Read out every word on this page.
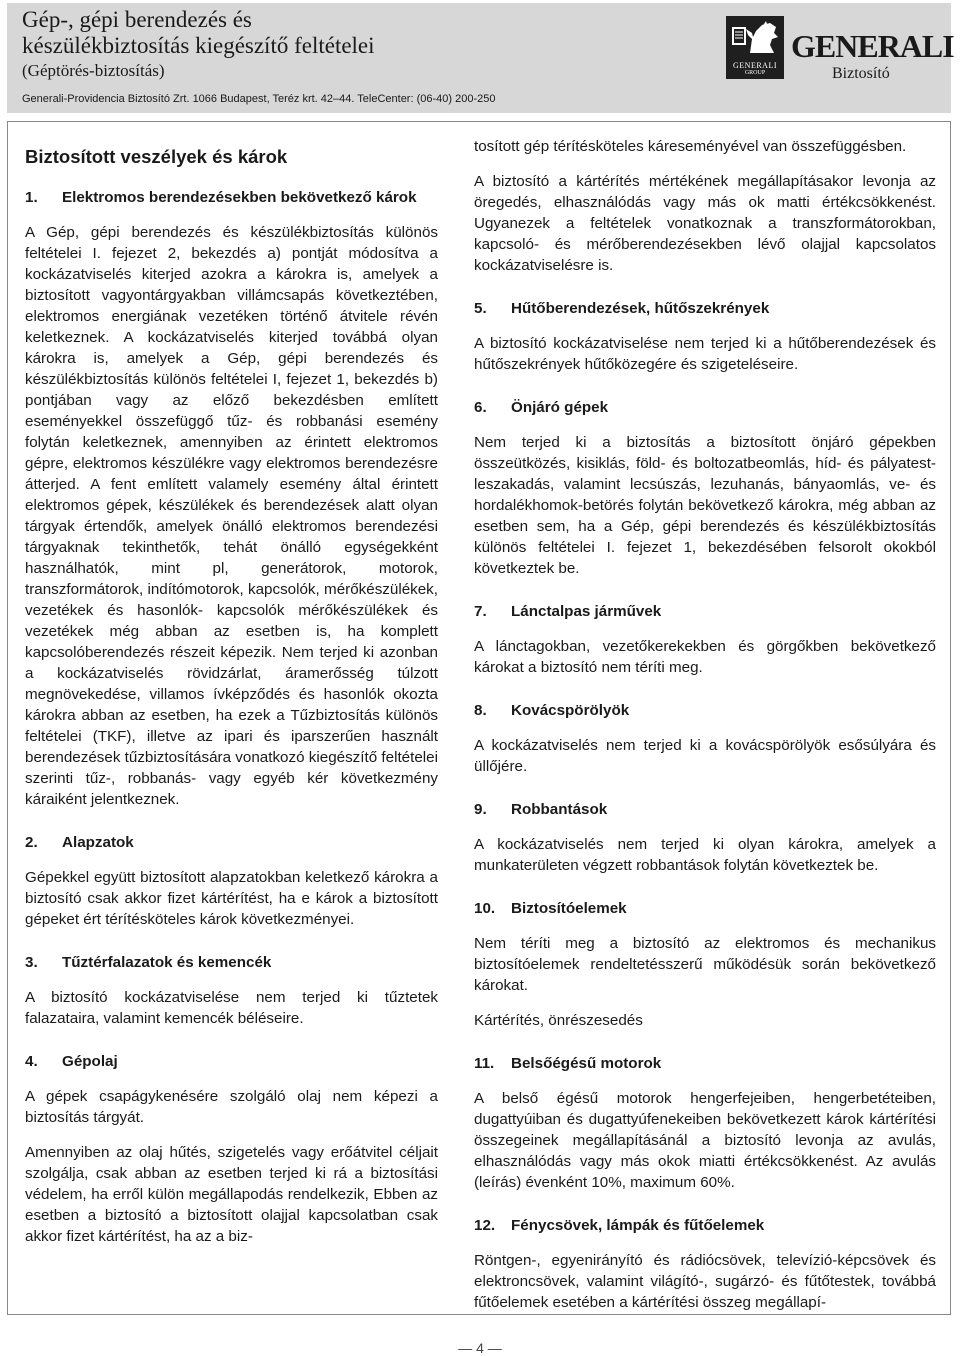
Gép-, gépi berendezés és
készülékbiztosítás kiegészítő feltételei
(Géptörés-biztosítás)
Generali-Providencia Biztosító Zrt. 1066 Budapest, Teréz krt. 42–44. TeleCenter: (06-40) 200-250
GENERALI
GROUP
GENERALI
Biztosító
Biztosított veszélyek és károk
1.	Elektromos berendezésekben bekövetkező károk

A Gép, gépi berendezés és készülékbiztosítás különös feltételei I. fejezet 2, bekezdés a) pontját módosítva a kockázatviselés kiterjed azokra a károkra is, amelyek a biztosított vagyontárgyakban villámcsapás következtében, elektromos energiának vezetéken történő átvitele révén keletkeznek. A kockázatviselés kiterjed továbbá olyan károkra is, amelyek a Gép, gépi berendezés és készülékbiztosítás különös feltételei I, fejezet 1, bekezdés b) pontjában vagy az előző bekezdésben említett eseményekkel összefüggő tűz- és robbanási esemény folytán keletkeznek, amennyiben az érintett elektromos gépre, elektromos készülékre vagy elektromos berendezésre átterjed. A fent említett valamely esemény által érintett elektromos gépek, készülékek és berendezések alatt olyan tárgyak értendők, amelyek önálló elektromos berendezési tárgyaknak tekinthetők, tehát önálló egységekként használhatók, mint pl, generátorok, motorok, transzformátorok, indítómotorok, kapcsolók, mérőkészülékek, vezetékek és hasonlók- kapcsolók mérőkészülékek és vezetékek még abban az esetben is, ha komplett kapcsolóberendezés részeit képezik. Nem terjed ki azonban a kockázatviselés rövidzárlat, áramerősség túlzott megnövekedése, villamos ívképződés és hasonlók okozta károkra abban az esetben, ha ezek a Tűzbiztosítás különös feltételei (TKF), illetve az ipari és iparszerűen használt berendezések tűzbiztosítására vonatkozó kiegészítő feltételei szerinti tűz-, robbanás- vagy egyéb kér következmény káraiként jelentkeznek.

2.	Alapzatok

Gépekkel együtt biztosított alapzatokban keletkező károkra a biztosító csak akkor fizet kártérítést, ha e károk a biztosított gépeket ért térítésköteles károk következményei.

3.	Tűztérfalazatok és kemencék

A biztosító kockázatviselése nem terjed ki tűztetek falazataira, valamint kemencék béléseire.

4.	Gépolaj

A gépek csapágykenésére szolgáló olaj nem képezi a biztosítás tárgyát.

Amennyiben az olaj hűtés, szigetelés vagy erőátvitel céljait szolgálja, csak abban az esetben terjed ki rá a biztosítási védelem, ha erről külön megállapodás rendelkezik, Ebben az esetben a biztosító a biztosított olajjal kapcsolatban csak akkor fizet kártérítést, ha az a biz-

tosított gép térítésköteles káreseményével van összefüggésben.

A biztosító a kártérítés mértékének megállapításakor levonja az öregedés, elhasználódás vagy más ok matti értékcsökkenést. Ugyanezek a feltételek vonatkoznak a transzformátorokban, kapcsoló- és mérőberendezésekben lévő olajjal kapcsolatos kockázatviselésre is.

5.	Hűtőberendezések, hűtőszekrények

A biztosító kockázatviselése nem terjed ki a hűtőberendezések és hűtőszekrények hűtőközegére és szigeteléseire.

6.	Önjáró gépek

Nem terjed ki a biztosítás a biztosított önjáró gépekben összeütközés, kisiklás, föld- és boltozatbeomlás, híd- és pályatest-leszakadás, valamint lecsúszás, lezuhanás, bányaomlás, ve- és hordalékhomok-betörés folytán bekövetkező károkra, még abban az esetben sem, ha a Gép, gépi berendezés és készülékbiztosítás különös feltételei I. fejezet 1, bekezdésében felsorolt okokból következtek be.

7.	Lánctalpas járművek

A lánctagokban, vezetőkerekekben és görgőkben bekövetkező károkat a biztosító nem téríti meg.

8.	Kovácspörölyök

A kockázatviselés nem terjed ki a kovácspörölyök esősúlyára és üllőjére.

9.	Robbantások

A kockázatviselés nem terjed ki olyan károkra, amelyek a munkaterületen végzett robbantások folytán következtek be.

10.	Biztosítóelemek

Nem téríti meg a biztosító az elektromos és mechanikus biztosítóelemek rendeltetésszerű működésük során bekövetkező károkat.

Kártérítés, önrészesedés

11.	Belsőégésű motorok

A belső égésű motorok hengerfejeiben, hengerbetéteiben, dugattyúiban és dugattyúfenekeiben bekövetkezett károk kártérítési összegeinek megállapításánál a biztosító levonja az avulás, elhasználódás vagy más okok miatti értékcsökkenést. Az avulás (leírás) évenként 10%, maximum 60%.

12.	Fénycsövek, lámpák és fűtőelemek

Röntgen-, egyenirányító és rádiócsövek, televízió-képcsövek és elektroncsövek, valamint világító-, sugárzó- és fűtőtestek, továbbá fűtőelemek esetében a kártérítési összeg megállapí-

— 4 —
